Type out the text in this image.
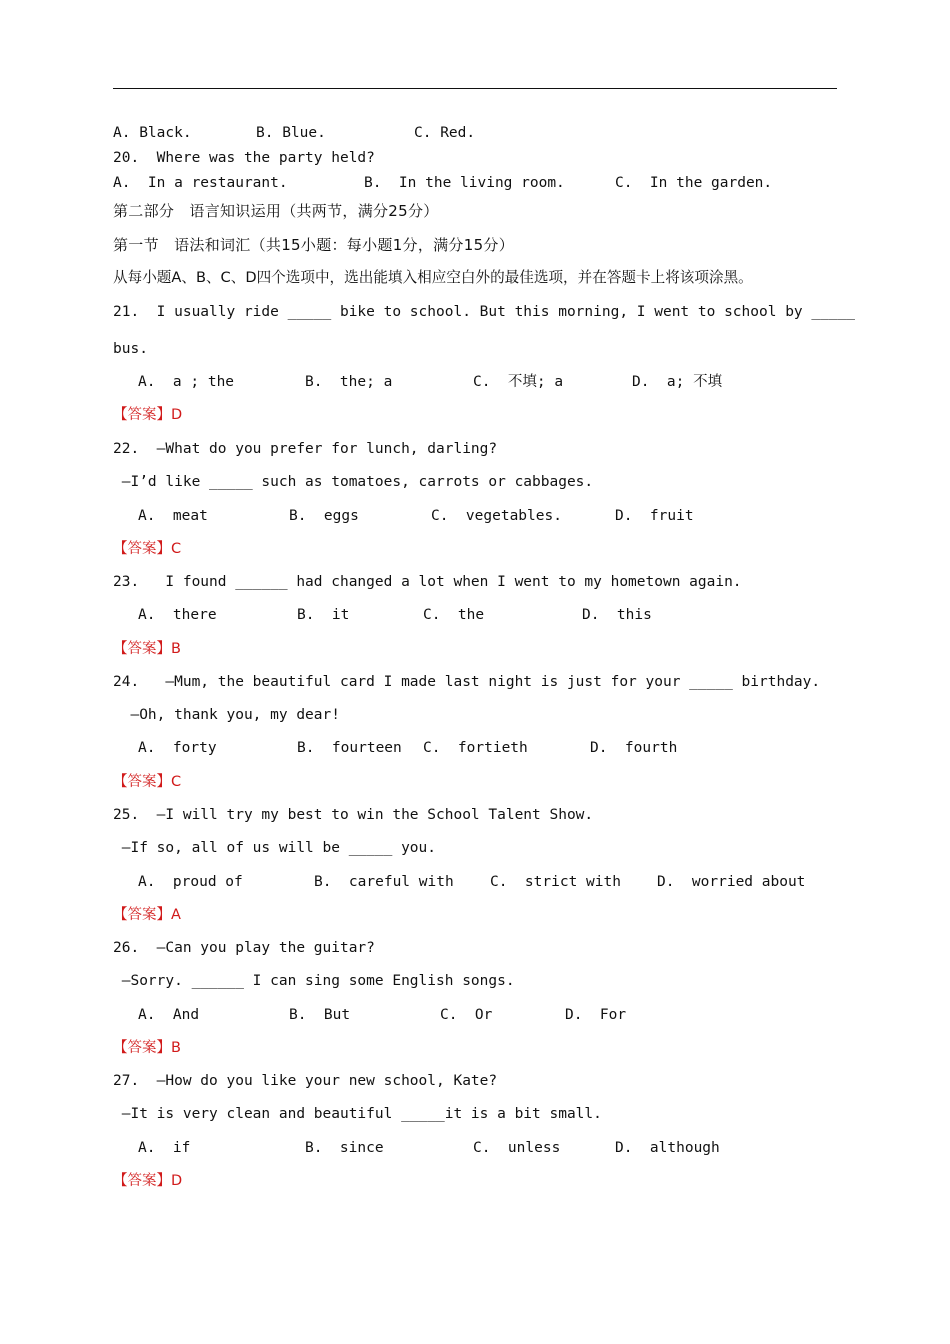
A. Black.	B. Blue.	C. Red.
20.  Where was the party held?
A.  In a restaurant.	B.  In the living room.	C.  In the garden.
第二部分   语言知识运用（共两节，满分25分）
第一节   语法和词汇（共15小题：每小题1分，满分15分）
从每小题A、B、C、D四个选项中，选出能填入相应空白外的最佳选项，并在答题卡上将该项涂黑。
21.  I usually ride _____ bike to school. But this morning, I went to school by _____
bus.
A.  a ; the	B.  the; a	C.  不填; a	D.  a; 不填
【答案】D
22.  —What do you prefer for lunch, darling?
—I’d like _____ such as tomatoes, carrots or cabbages.
A.  meat	B.  eggs	C.  vegetables.	D.  fruit
【答案】C
23.   I found ______ had changed a lot when I went to my hometown again.
A.  there	B.  it	C.  the	D.  this
【答案】B
24.   —Mum, the beautiful card I made last night is just for your _____ birthday.
—Oh, thank you, my dear!
A.  forty	B.  fourteen C.  fortieth	D.  fourth
【答案】C
25.  —I will try my best to win the School Talent Show.
—If so, all of us will be _____ you.
A.  proud of	B.  careful with	C.  strict with D.  worried about
【答案】A
26.  —Can you play the guitar?
—Sorry. ______ I can sing some English songs.
A.  And	B.  But	C.  Or	D.  For
【答案】B
27.  —How do you like your new school, Kate?
—It is very clean and beautiful _____it is a bit small.
A.  if	B.  since	C.  unless	D.  although
【答案】D
